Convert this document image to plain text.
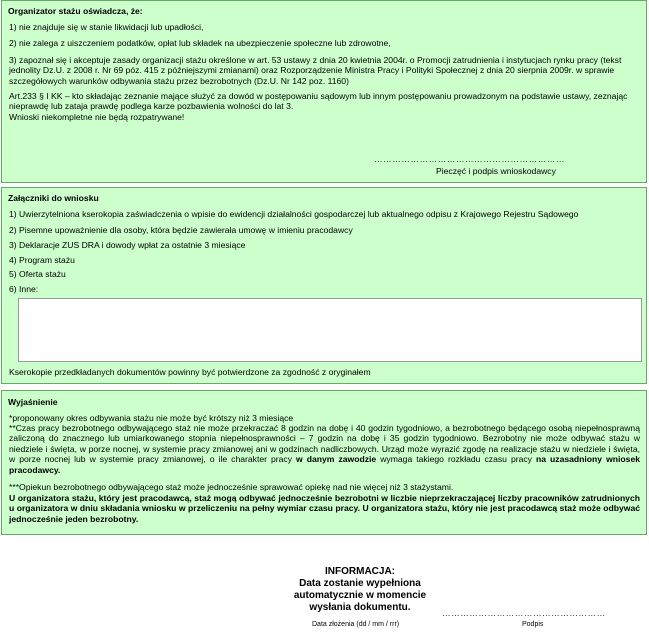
Organizator stażu oświadcza, że:
1) nie znajduje się w stanie likwidacji lub upadłości,
2) nie zalega z uiszczeniem podatków, opłat lub składek na ubezpieczenie społeczne lub zdrowotne,
3) zapoznał się i akceptuje zasady organizacji stażu określone w art. 53 ustawy z dnia 20 kwietnia 2004r. o Promocji zatrudnienia i instytucjach rynku pracy (tekst jednolity Dz.U. z 2008 r. Nr 69 póz. 415 z późniejszymi zmianami) oraz Rozporządzenie Ministra Pracy i Polityki Społecznej z dnia 20 sierpnia 2009r. w sprawie szczegółowych warunków odbywania stażu przez bezrobotnych (Dz.U. Nr 142 poz. 1160)
Art.233 § I KK – kto składając zeznanie mające służyć za dowód w postępowaniu sądowym lub innym postępowaniu prowadzonym na podstawie ustawy, zeznając nieprawdę lub zataja prawdę podlega karze pozbawienia wolności do lat 3.
Wnioski niekompletne nie będą rozpatrywane!
………………………………………………………
Pieczęć i podpis wnioskodawcy
Załączniki do wniosku
1) Uwierzytelniona kserokopia zaświadczenia o wpisie do ewidencji działalności gospodarczej lub aktualnego odpisu z Krajowego Rejestru Sądowego
2) Pisemne upoważnienie dla osoby, która będzie zawierała umowę w imieniu pracodawcy
3) Deklaracje ZUS DRA i dowody wpłat za ostatnie 3 miesiące
4) Program stażu
5) Oferta stażu
6) Inne:
Kserokopie przedkładanych dokumentów powinny być potwierdzone za zgodność z oryginałem
Wyjaśnienie
*proponowany okres odbywania stażu nie może być krótszy niż 3 miesiące
**Czas pracy bezrobotnego odbywającego staż nie może przekraczać 8 godzin na dobę i 40 godzin tygodniowo, a bezrobotnego będącego osobą niepełnosprawną zaliczoną do znacznego lub umiarkowanego stopnia niepełnosprawności – 7 godzin na dobę i 35 godzin tygodniowo. Bezrobotny nie może odbywać stażu w niedziele i święta, w porze nocnej, w systemie pracy zmianowej ani w godzinach nadliczbowych. Urząd może wyrazić zgodę na realizacje stażu w niedziele i święta, w porze nocnej lub w systemie pracy zmianowej, o ile charakter pracy w danym zawodzie wymaga takiego rozkładu czasu pracy na uzasadniony wniosek pracodawcy.
***Opiekun bezrobotnego odbywającego staż może jednocześnie sprawować opiekę nad nie więcej niż 3 stażystami.
U organizatora stażu, który jest pracodawcą, staż mogą odbywać jednocześnie bezrobotni w liczbie nieprzekraczającej liczby pracowników zatrudnionych u organizatora w dniu składania wniosku w przeliczeniu na pełny wymiar czasu pracy. U organizatora stażu, który nie jest pracodawcą staż może odbywać jednocześnie jeden bezrobotny.
INFORMACJA:
Data zostanie wypełniona
automatycznie w momencie
wysłania dokumentu.
Data złożenia (dd / mm / rrr)
………………………………………………
Podpis
